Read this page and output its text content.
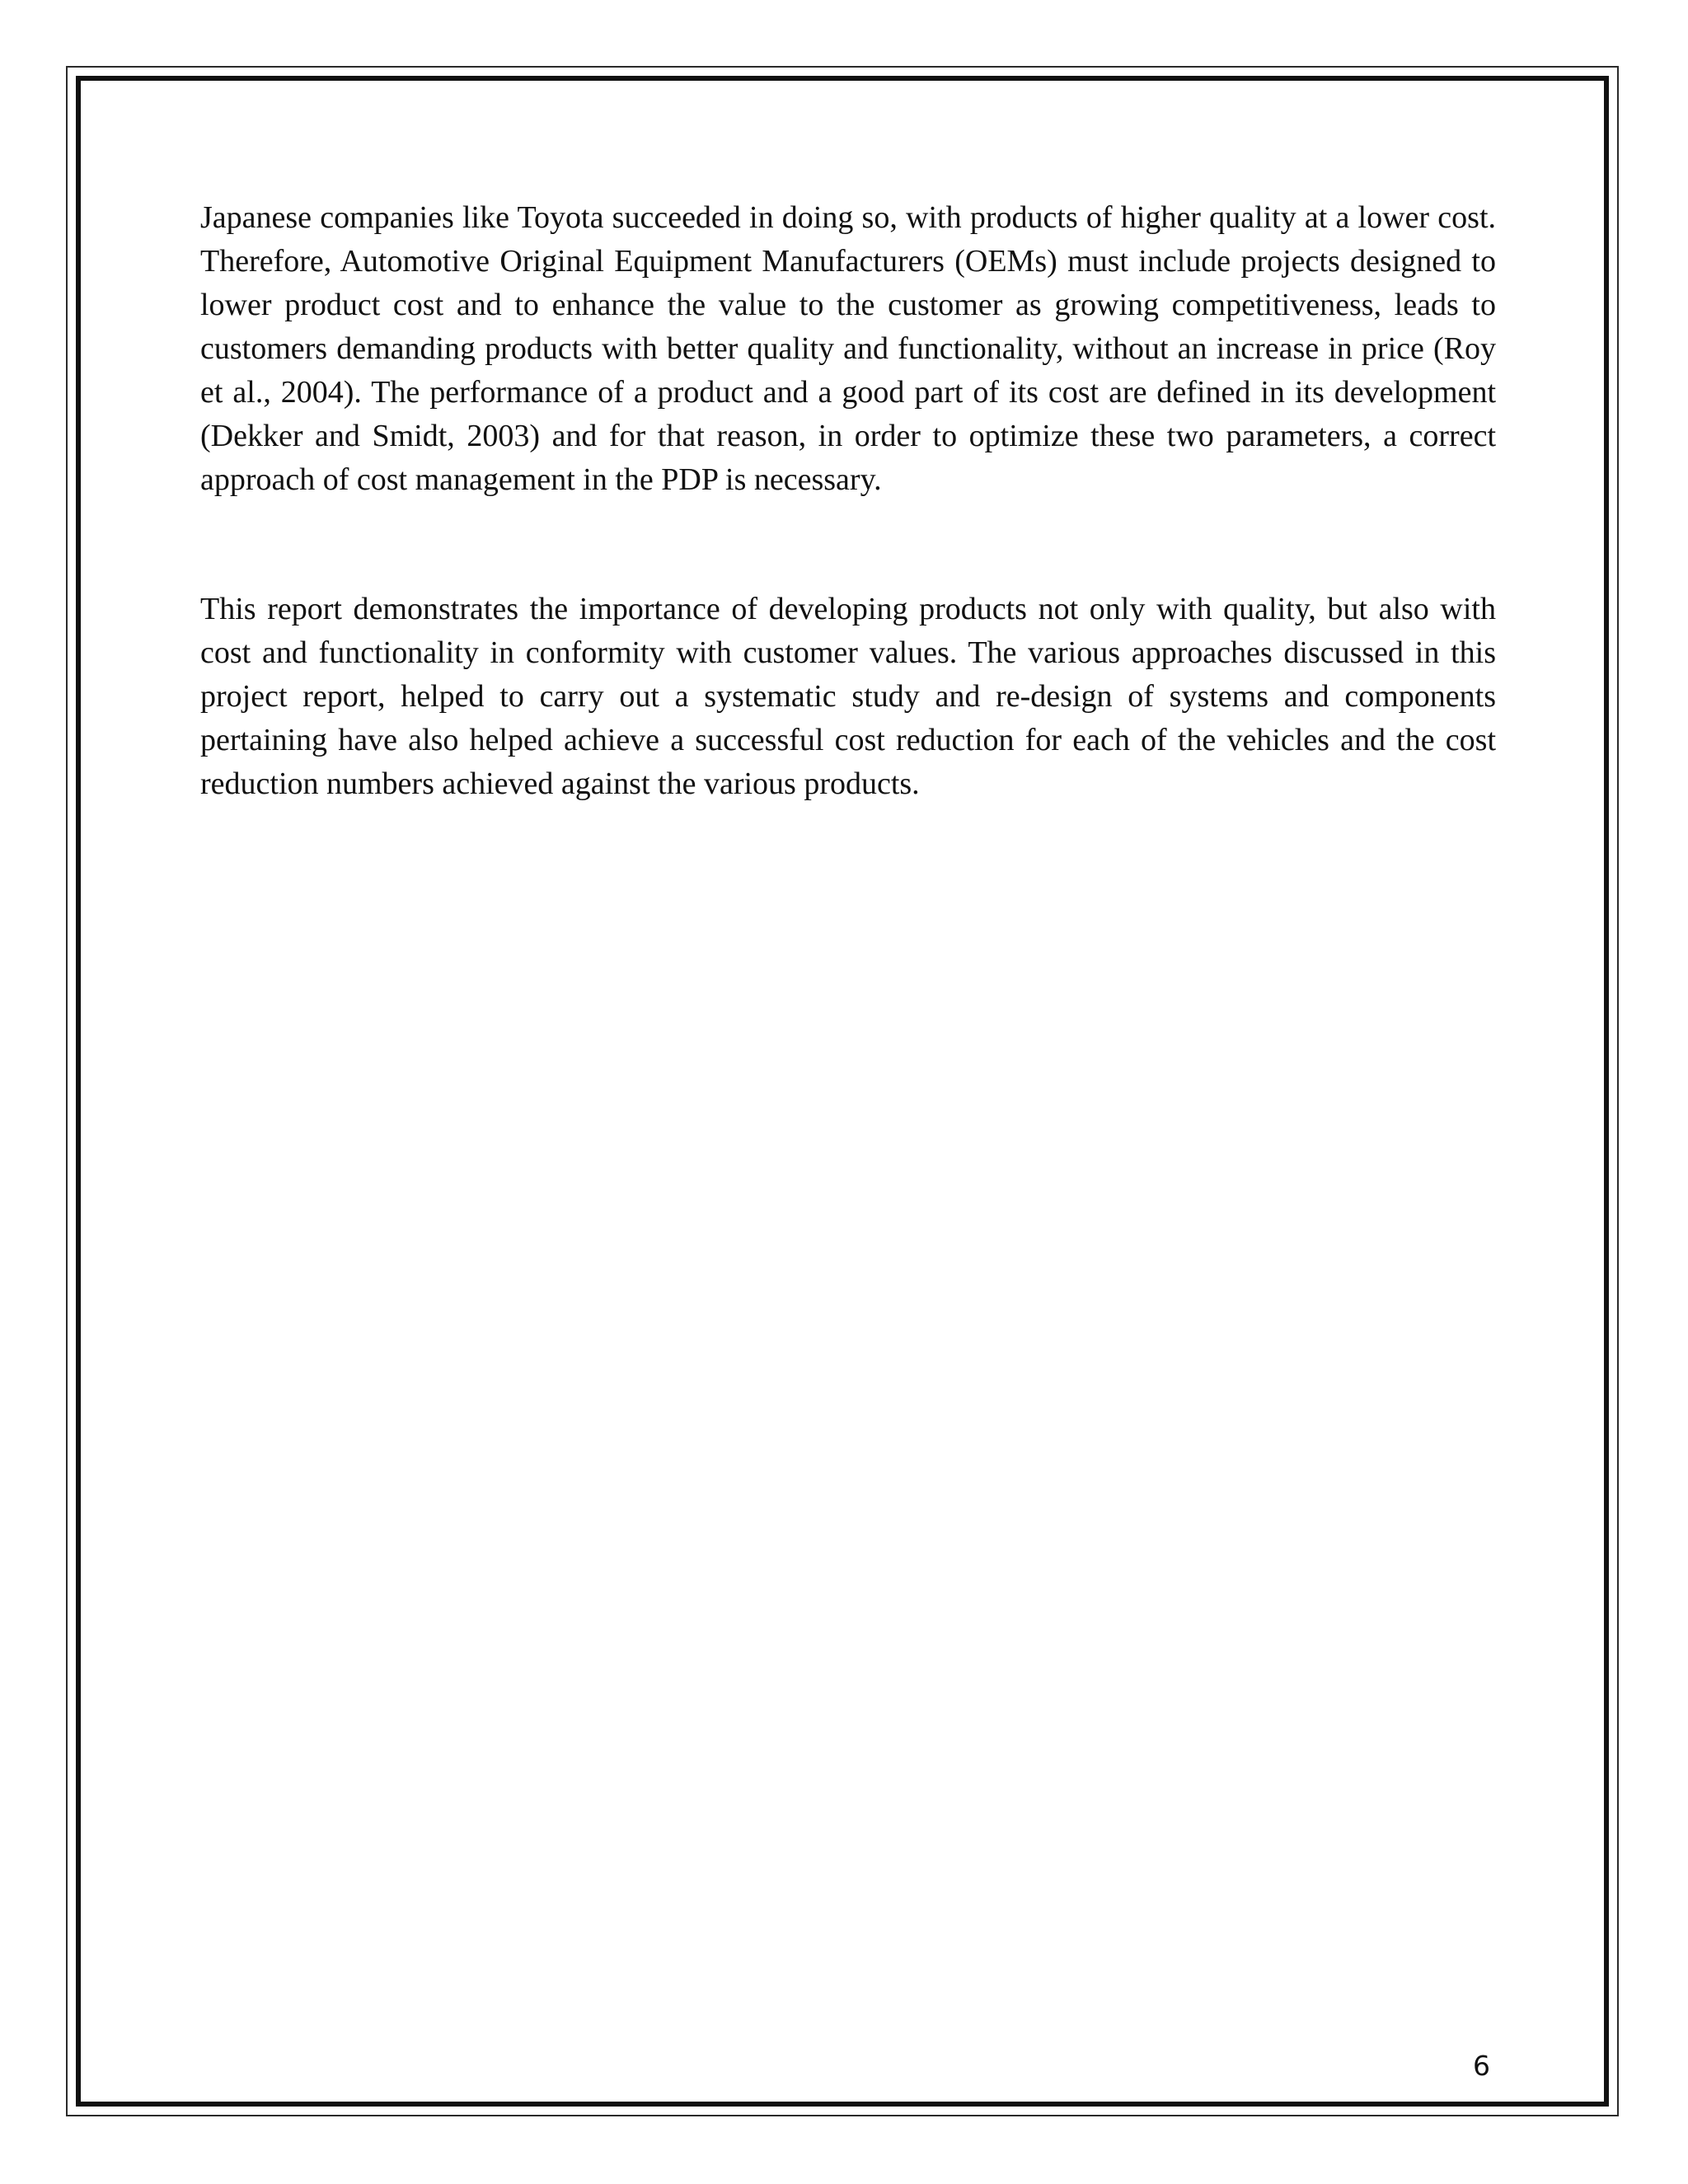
Japanese companies like Toyota succeeded in doing so, with products of higher quality at a lower cost. Therefore, Automotive Original Equipment Manufacturers (OEMs) must include projects designed to lower product cost and to enhance the value to the customer as growing competitiveness, leads to customers demanding products with better quality and functionality, without an increase in price (Roy et al., 2004). The performance of a product and a good part of its cost are defined in its development (Dekker and Smidt, 2003) and for that reason, in order to optimize these two parameters, a correct approach of cost management in the PDP is necessary.

This report demonstrates the importance of developing products not only with quality, but also with cost and functionality in conformity with customer values. The various approaches discussed in this project report, helped to carry out a systematic study and re-design of systems and components pertaining have also helped achieve a successful cost reduction for each of the vehicles and the cost reduction numbers achieved against the various products.

6
